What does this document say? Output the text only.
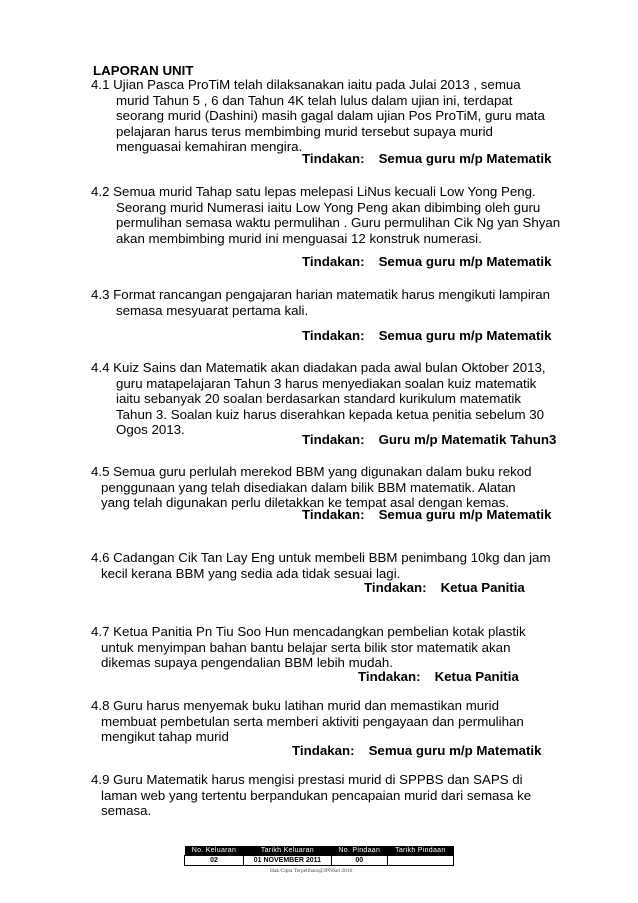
LAPORAN UNIT
4.1 Ujian Pasca ProTiM telah dilaksanakan iaitu pada Julai 2013 , semua
murid Tahun 5 , 6 dan Tahun 4K telah lulus dalam ujian ini, terdapat
seorang murid (Dashini) masih gagal dalam ujian Pos ProTiM, guru mata
pelajaran harus terus membimbing murid tersebut supaya murid
menguasai kemahiran mengira.
Tindakan: Semua guru m/p Matematik
4.2 Semua murid Tahap satu lepas melepasi LiNus kecuali Low Yong Peng.
Seorang murid Numerasi iaitu Low Yong Peng akan dibimbing oleh guru
permulihan semasa waktu permulihan . Guru permulihan Cik Ng yan Shyan
akan membimbing murid ini menguasai 12 konstruk numerasi.
Tindakan: Semua guru m/p Matematik
4.3 Format rancangan pengajaran harian matematik harus mengikuti lampiran
semasa mesyuarat pertama kali.
Tindakan: Semua guru m/p Matematik
4.4 Kuiz Sains dan Matematik akan diadakan pada awal bulan Oktober 2013,
guru matapelajaran Tahun 3 harus menyediakan soalan kuiz matematik
iaitu sebanyak 20 soalan berdasarkan standard kurikulum matematik
Tahun 3. Soalan kuiz harus diserahkan kepada ketua penitia sebelum 30
Ogos 2013.
Tindakan: Guru m/p Matematik Tahun3
4.5 Semua guru perlulah merekod BBM yang digunakan dalam buku rekod
penggunaan yang telah disediakan dalam bilik BBM matematik. Alatan
yang telah digunakan perlu diletakkan ke tempat asal dengan kemas.
Tindakan: Semua guru m/p Matematik
4.6 Cadangan Cik Tan Lay Eng untuk membeli BBM penimbang 10kg dan jam
kecil kerana BBM yang sedia ada tidak sesuai lagi.
Tindakan: Ketua Panitia
4.7 Ketua Panitia Pn Tiu Soo Hun mencadangkan pembelian kotak plastik
untuk menyimpan bahan bantu belajar serta bilik stor matematik akan
dikemas supaya pengendalian BBM lebih mudah.
Tindakan: Ketua Panitia
4.8 Guru harus menyemak buku latihan murid dan memastikan murid
membuat pembetulan serta memberi aktiviti pengayaan dan permulihan
mengikut tahap murid
Tindakan: Semua guru m/p Matematik
4.9 Guru Matematik harus mengisi prestasi murid di SPPBS dan SAPS di
laman web yang tertentu berpandukan pencapaian murid dari semasa ke
semasa.
No. Keluaran	Tarikh Keluaran	No. Pindaan	Tarikh Pindaan
02	01 NOVEMBER 2011	00	
Hak Cipta Terpelihara@JPNSel 2010
